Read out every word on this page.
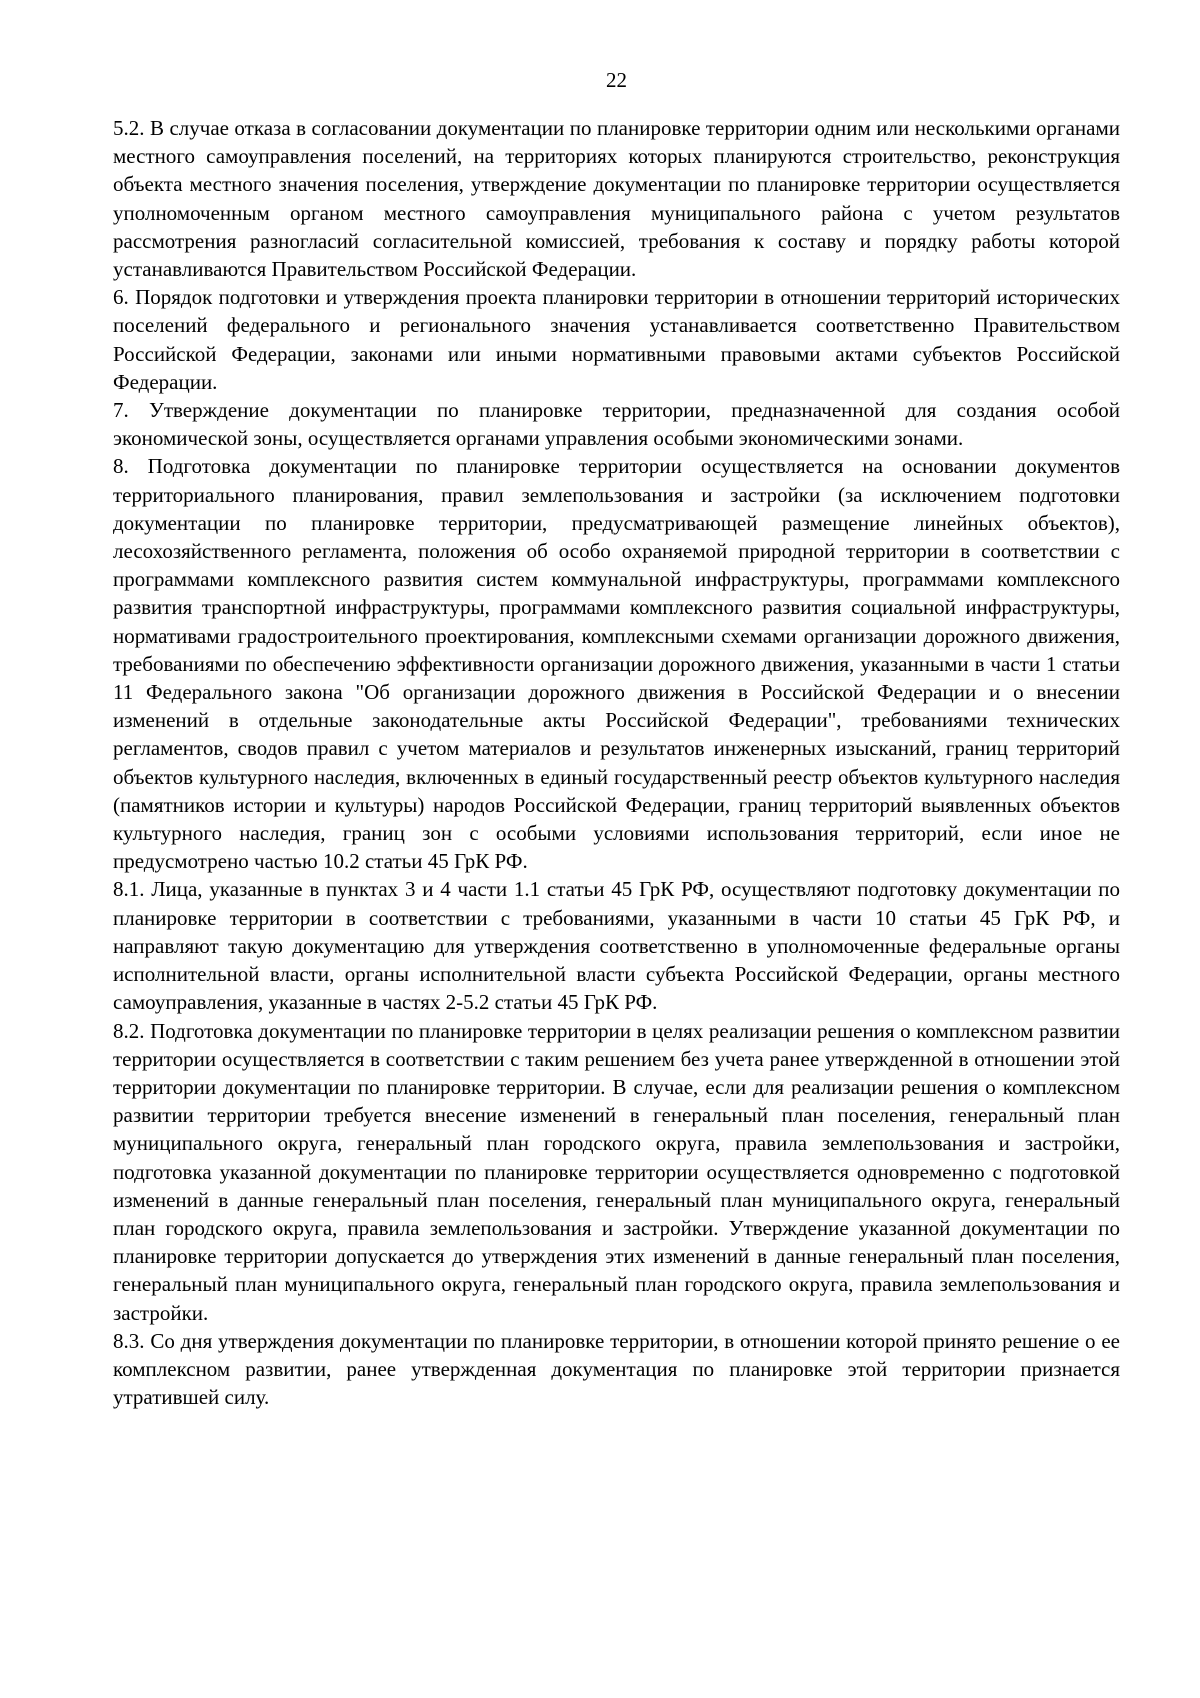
22

5.2. В случае отказа в согласовании документации по планировке территории одним или несколькими органами местного самоуправления поселений, на территориях которых планируются строительство, реконструкция объекта местного значения поселения, утверждение документации по планировке территории осуществляется уполномоченным органом местного самоуправления муниципального района с учетом результатов рассмотрения разногласий согласительной комиссией, требования к составу и порядку работы которой устанавливаются Правительством Российской Федерации.

6. Порядок подготовки и утверждения проекта планировки территории в отношении территорий исторических поселений федерального и регионального значения устанавливается соответственно Правительством Российской Федерации, законами или иными нормативными правовыми актами субъектов Российской Федерации.

7. Утверждение документации по планировке территории, предназначенной для создания особой экономической зоны, осуществляется органами управления особыми экономическими зонами.

8. Подготовка документации по планировке территории осуществляется на основании документов территориального планирования, правил землепользования и застройки (за исключением подготовки документации по планировке территории, предусматривающей размещение линейных объектов), лесохозяйственного регламента, положения об особо охраняемой природной территории в соответствии с программами комплексного развития систем коммунальной инфраструктуры, программами комплексного развития транспортной инфраструктуры, программами комплексного развития социальной инфраструктуры, нормативами градостроительного проектирования, комплексными схемами организации дорожного движения, требованиями по обеспечению эффективности организации дорожного движения, указанными в части 1 статьи 11 Федерального закона "Об организации дорожного движения в Российской Федерации и о внесении изменений в отдельные законодательные акты Российской Федерации", требованиями технических регламентов, сводов правил с учетом материалов и результатов инженерных изысканий, границ территорий объектов культурного наследия, включенных в единый государственный реестр объектов культурного наследия (памятников истории и культуры) народов Российской Федерации, границ территорий выявленных объектов культурного наследия, границ зон с особыми условиями использования территорий, если иное не предусмотрено частью 10.2 статьи 45 ГрК РФ.

8.1. Лица, указанные в пунктах 3 и 4 части 1.1 статьи 45 ГрК РФ, осуществляют подготовку документации по планировке территории в соответствии с требованиями, указанными в части 10 статьи 45 ГрК РФ, и направляют такую документацию для утверждения соответственно в уполномоченные федеральные органы исполнительной власти, органы исполнительной власти субъекта Российской Федерации, органы местного самоуправления, указанные в частях 2-5.2 статьи 45 ГрК РФ.

8.2. Подготовка документации по планировке территории в целях реализации решения о комплексном развитии территории осуществляется в соответствии с таким решением без учета ранее утвержденной в отношении этой территории документации по планировке территории. В случае, если для реализации решения о комплексном развитии территории требуется внесение изменений в генеральный план поселения, генеральный план муниципального округа, генеральный план городского округа, правила землепользования и застройки, подготовка указанной документации по планировке территории осуществляется одновременно с подготовкой изменений в данные генеральный план поселения, генеральный план муниципального округа, генеральный план городского округа, правила землепользования и застройки. Утверждение указанной документации по планировке территории допускается до утверждения этих изменений в данные генеральный план поселения, генеральный план муниципального округа, генеральный план городского округа, правила землепользования и застройки.

8.3. Со дня утверждения документации по планировке территории, в отношении которой принято решение о ее комплексном развитии, ранее утвержденная документация по планировке этой территории признается утратившей силу.
